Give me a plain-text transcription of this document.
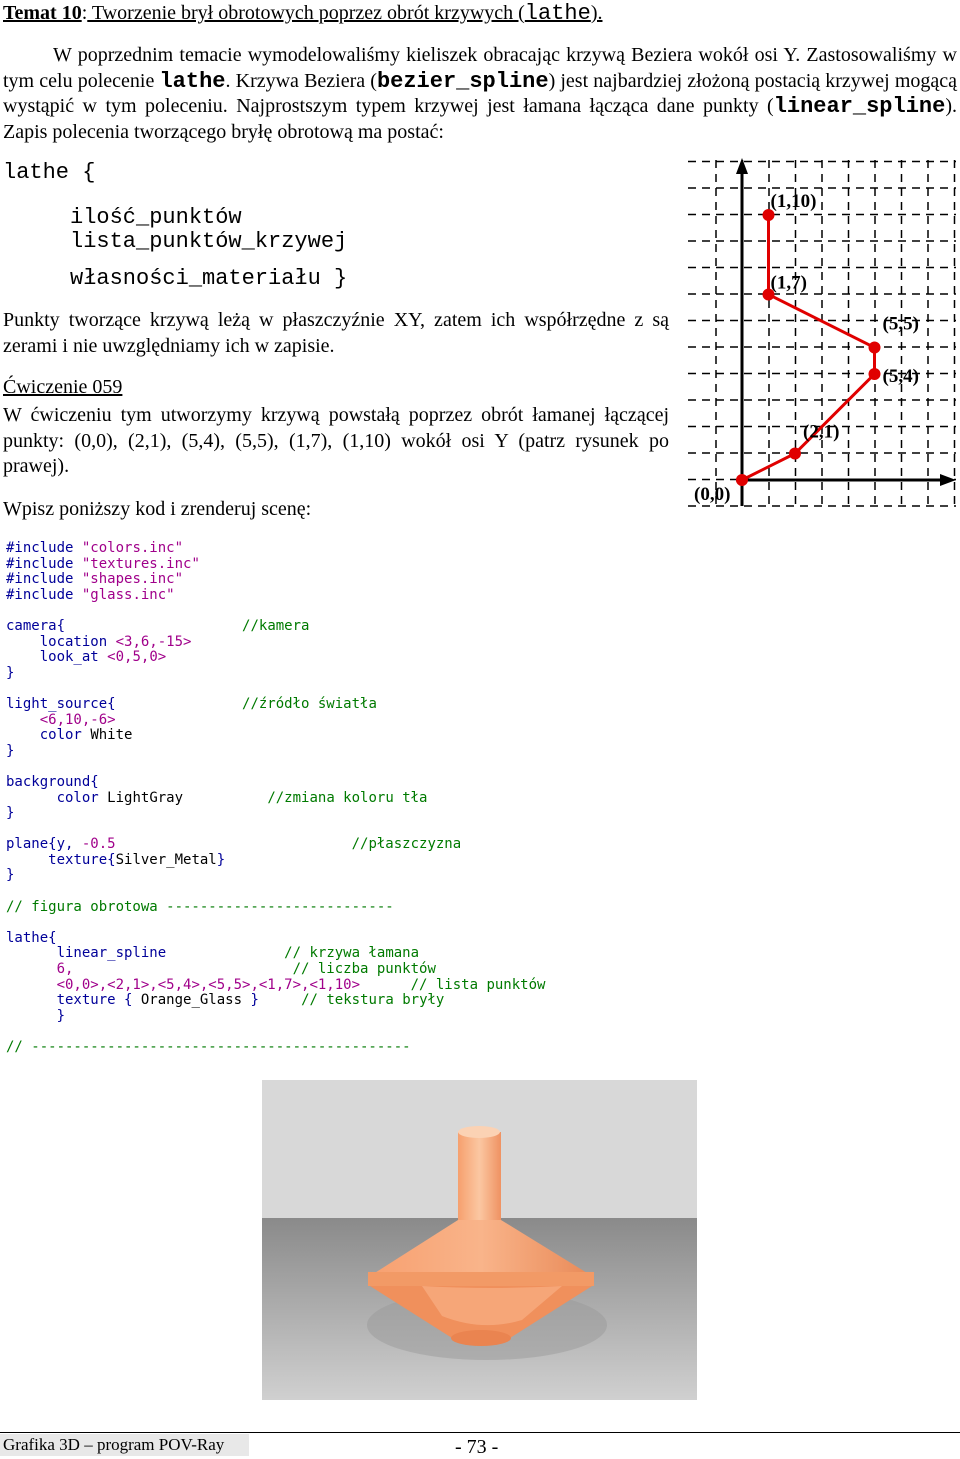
Temat 10: Tworzenie brył obrotowych poprzez obrót krzywych (lathe).

W poprzednim temacie wymodelowaliśmy kieliszek obracając krzywą Beziera wokół osi Y. Zastosowaliśmy w tym celu polecenie lathe. Krzywa Beziera (bezier_spline) jest najbardziej złożoną postacią krzywej mogącą wystąpić w tym poleceniu. Najprostszym typem krzywej jest łamana łącząca dane punkty (linear_spline). Zapis polecenia tworzącego bryłę obrotową ma postać:

lathe {
ilość_punktów
lista_punktów_krzywej
własności_materiału }

Punkty tworzące krzywą leżą w płaszczyźnie XY, zatem ich współrzędne z są zerami i nie uwzględniamy ich w zapisie.

Ćwiczenie 059

W ćwiczeniu tym utworzymy krzywą powstałą poprzez obrót łamanej łączącej punkty: (0,0), (2,1), (5,4), (5,5), (1,7), (1,10) wokół osi Y (patrz rysunek po prawej).

Wpisz poniższy kod i zrenderuj scenę:

(0,0)
(2,1)
(5,4)
(5,5)
(1,7)
(1,10)
#include "colors.inc"
#include "textures.inc"
#include "shapes.inc"
#include "glass.inc"

camera{	//kamera
location <3,6,-15>
look_at <0,5,0>
}

light_source{	//źródło światła
<6,10,-6>
color White
}

background{
color LightGray	//zmiana koloru tła
}

plane{y, -0.5	//płaszczyzna
texture{Silver_Metal}
}

// figura obrotowa ---------------------------

lathe{
linear_spline	// krzywa łamana
6,	// liczba punktów
<0,0>,<2,1>,<5,4>,<5,5>,<1,7>,<1,10>	// lista punktów
texture { Orange_Glass }	// tekstura bryły
}

// ---------------------------------------------
Grafika 3D – program POV-Ray	- 73 -
